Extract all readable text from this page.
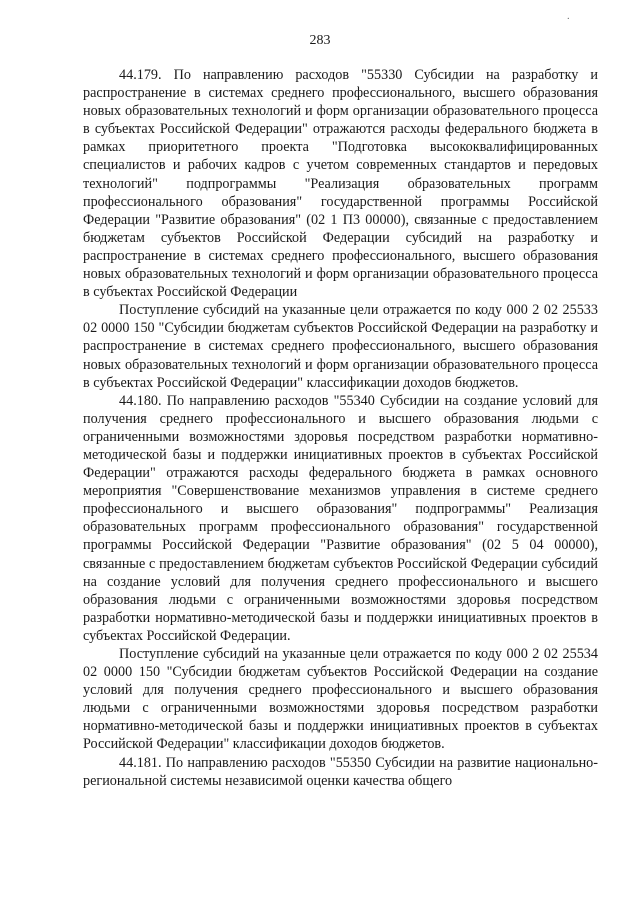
·
283

44.179. По направлению расходов "55330 Субсидии на разработку и распространение в системах среднего профессионального, высшего образования новых образовательных технологий и форм организации образовательного процесса в субъектах Российской Федерации" отражаются расходы федерального бюджета в рамках приоритетного проекта "Подготовка высококвалифицированных специалистов и рабочих кадров с учетом современных стандартов и передовых технологий" подпрограммы "Реализация образовательных программ профессионального образования" государственной программы Российской Федерации "Развитие образования" (02 1 П3 00000), связанные с предоставлением бюджетам субъектов Российской Федерации субсидий на разработку и распространение в системах среднего профессионального, высшего образования новых образовательных технологий и форм организации образовательного процесса в субъектах Российской Федерации

Поступление субсидий на указанные цели отражается по коду 000 2 02 25533 02 0000 150 "Субсидии бюджетам субъектов Российской Федерации на разработку и распространение в системах среднего профессионального, высшего образования новых образовательных технологий и форм организации образовательного процесса в субъектах Российской Федерации" классификации доходов бюджетов.

44.180. По направлению расходов "55340 Субсидии на создание условий для получения среднего профессионального и высшего образования людьми с ограниченными возможностями здоровья посредством разработки нормативно-методической базы и поддержки инициативных проектов в субъектах Российской Федерации" отражаются расходы федерального бюджета в рамках основного мероприятия "Совершенствование механизмов управления в системе среднего профессионального и высшего образования" подпрограммы" Реализация образовательных программ профессионального образования" государственной программы Российской Федерации "Развитие образования" (02 5 04 00000), связанные с предоставлением бюджетам субъектов Российской Федерации субсидий на создание условий для получения среднего профессионального и высшего образования людьми с ограниченными возможностями здоровья посредством разработки нормативно-методической базы и поддержки инициативных проектов в субъектах Российской Федерации.

Поступление субсидий на указанные цели отражается по коду 000 2 02 25534 02 0000 150 "Субсидии бюджетам субъектов Российской Федерации на создание условий для получения среднего профессионального и высшего образования людьми с ограниченными возможностями здоровья посредством разработки нормативно-методической базы и поддержки инициативных проектов в субъектах Российской Федерации" классификации доходов бюджетов.

44.181. По направлению расходов "55350 Субсидии на развитие национально-региональной системы независимой оценки качества общего
